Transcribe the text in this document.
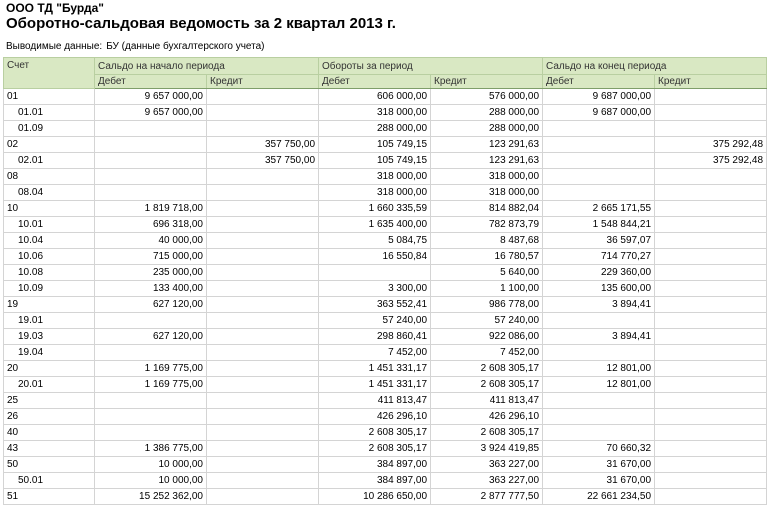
ООО ТД "Бурда"
Оборотно-сальдовая ведомость за 2 квартал 2013 г.
Выводимые данные: БУ (данные бухгалтерского учета)
Счет	Сальдо на начало периода		Обороты за период		Сальдо на конец периода	
	Дебет	Кредит	Дебет	Кредит	Дебет	Кредит
01	9 657 000,00		606 000,00	576 000,00	9 687 000,00	
01.01	9 657 000,00		318 000,00	288 000,00	9 687 000,00	
01.09			288 000,00	288 000,00		
02		357 750,00	105 749,15	123 291,63		375 292,48
02.01		357 750,00	105 749,15	123 291,63		375 292,48
08			318 000,00	318 000,00		
08.04			318 000,00	318 000,00		
10	1 819 718,00		1 660 335,59	814 882,04	2 665 171,55	
10.01	696 318,00		1 635 400,00	782 873,79	1 548 844,21	
10.04	40 000,00		5 084,75	8 487,68	36 597,07	
10.06	715 000,00		16 550,84	16 780,57	714 770,27	
10.08	235 000,00			5 640,00	229 360,00	
10.09	133 400,00		3 300,00	1 100,00	135 600,00	
19	627 120,00		363 552,41	986 778,00	3 894,41	
19.01			57 240,00	57 240,00		
19.03	627 120,00		298 860,41	922 086,00	3 894,41	
19.04			7 452,00	7 452,00		
20	1 169 775,00		1 451 331,17	2 608 305,17	12 801,00	
20.01	1 169 775,00		1 451 331,17	2 608 305,17	12 801,00	
25			411 813,47	411 813,47		
26			426 296,10	426 296,10		
40			2 608 305,17	2 608 305,17		
43	1 386 775,00		2 608 305,17	3 924 419,85	70 660,32	
50	10 000,00		384 897,00	363 227,00	31 670,00	
50.01	10 000,00		384 897,00	363 227,00	31 670,00	
51	15 252 362,00		10 286 650,00	2 877 777,50	22 661 234,50	
